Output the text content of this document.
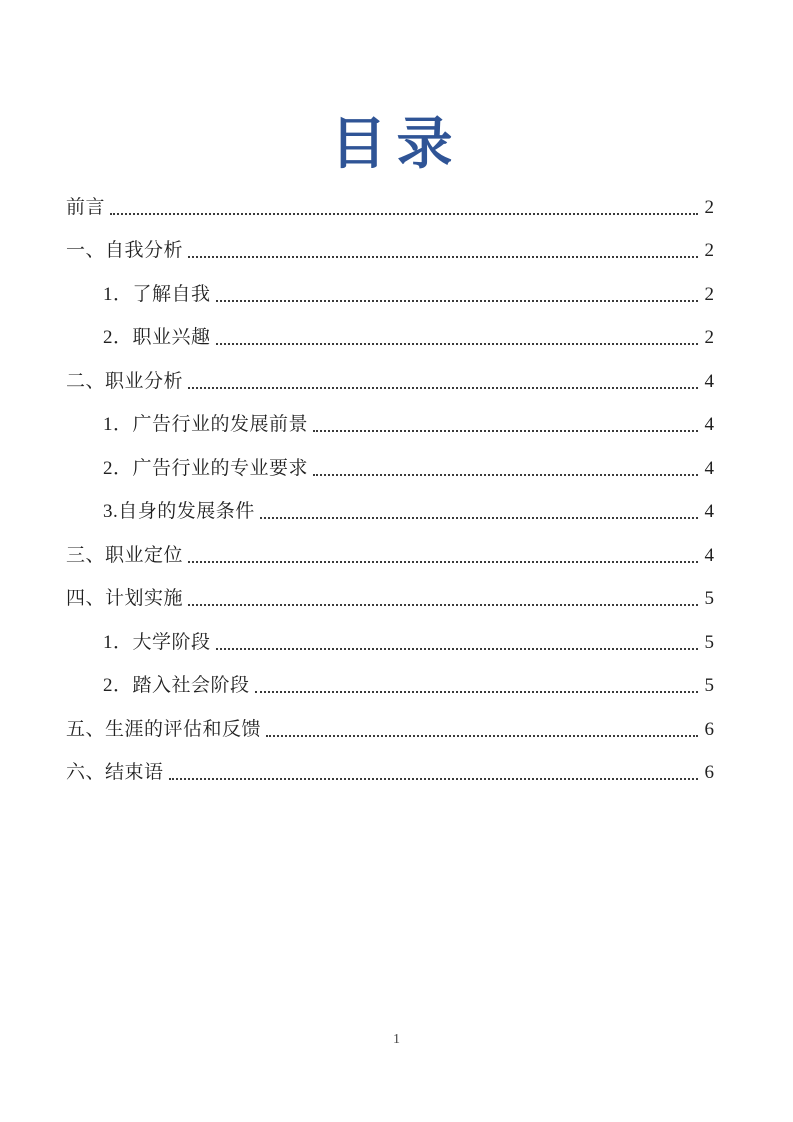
目录
前言	2
一、自我分析	2
1．了解自我	2
2．职业兴趣	2
二、职业分析	4
1．广告行业的发展前景	4
2．广告行业的专业要求	4
3.自身的发展条件	4
三、职业定位	4
四、计划实施	5
1．大学阶段	5
2．踏入社会阶段	5
五、生涯的评估和反馈	6
六、结束语	6
1
